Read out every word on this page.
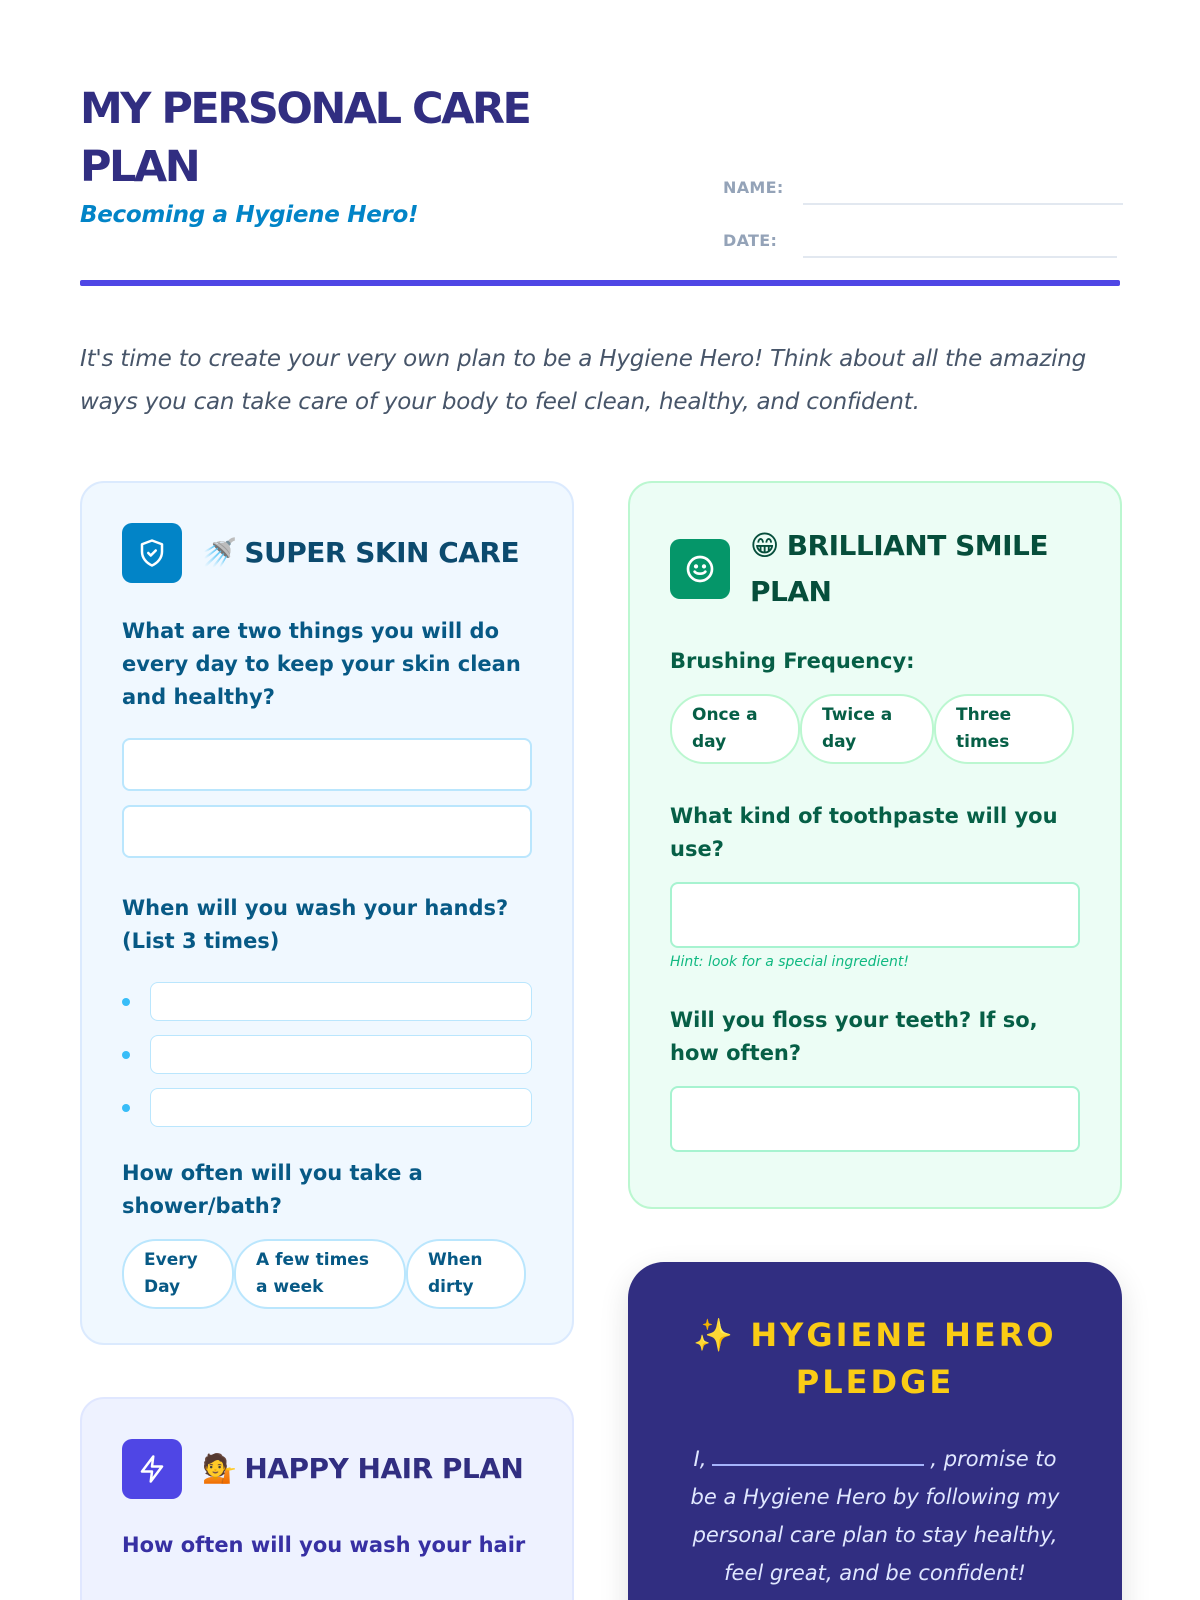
MY PERSONAL CARE PLAN
Becoming a Hygiene Hero!
NAME:
DATE:

It's time to create your very own plan to be a Hygiene Hero! Think about all the amazing ways you can take care of your body to feel clean, healthy, and confident.

🚿 SUPER SKIN CARE
What are two things you will do every day to keep your skin clean and healthy?
When will you wash your hands? (List 3 times)
How often will you take a shower/bath?
Every Day
A few times a week
When dirty
😁 BRILLIANT SMILE PLAN
Brushing Frequency:
Once a day
Twice a day
Three times
What kind of toothpaste will you use?
Hint: look for a special ingredient!
Will you floss your teeth? If so, how often?
💁 HAPPY HAIR PLAN
How often will you wash your hair
✨ HYGIENE HERO PLEDGE

I,	, promise to be a Hygiene Hero by following my personal care plan to stay healthy, feel great, and be confident!
